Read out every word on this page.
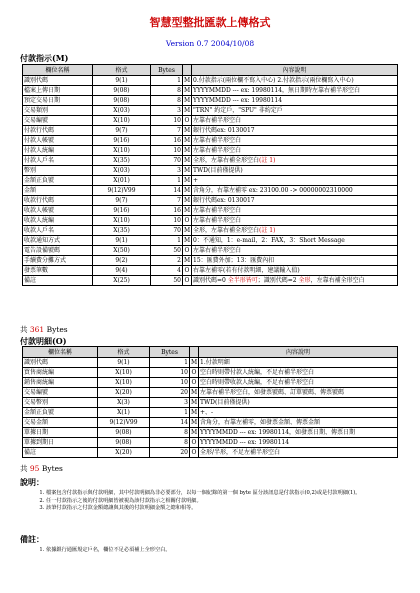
智慧型整批匯款上傳格式
Version 0.7 2004/10/08
付款指示(M)
欄位名稱	格式	Bytes		內容說明
識別代碼	9(1)	1	M	0.付款指示(兩位欄不寫入中心) 2.付款指示(兩位欄寫入中心)
檔案上傳日期	9(08)	8	M	YYYYMMDD --- ex: 19980114，無日期時左靠右補半形空白
預定交易日期	9(08)	8	M	YYYYMMDD --- ex: 19980114
交易類別	X(03)	3	M	"TRN" 約定戶，"SPU" 非約定戶
交易編號	X(10)	10	O	左靠右補半形空白
付款行代碼	9(7)	7	M	銀行代碼ex: 0130017
付款人帳號	9(16)	16	M	左靠右補半形空白
付款人統編	X(10)	10	M	左靠右補半形空白
付款人戶名	X(35)	70	M	全形，左靠右補全形空白(註 1)
幣別	X(03)	3	M	TWD(目前僅提供)
金額正負號	X(01)	1	M	+
金額	9(12)V99	14	M	含角分，右靠左補零 ex: 23100.00 -> 00000002310000
收款行代碼	9(7)	7	M	銀行代碼ex: 0130017
收款人帳號	9(16)	16	M	左靠右補半形空白
收款人統編	X(10)	10	O	左靠右補半形空白
收款人戶名	X(35)	70	M	全形，左靠右補全形空白(註 1)
收款通知方式	9(1)	1	M	0：不通知，1：e-mail，2：FAX，3：Short Message
電告設備號碼	X(50)	50	O	左靠右補半形空白
手續費分攤方式	9(2)	2	M	15：匯費外加；13：匯費內扣
發票筆數	9(4)	4	O	右靠左補零(若有付款明細，建議輸入值)
備註	X(25)	50	O	識別代碼=0 全半形皆可；識別代碼=2 全形，左靠右補全形空白
共 361 Bytes
付款明細(O)
欄位名稱	格式	Bytes		內容說明
識別代碼	9(1)	1	M	1.付款明細
買售商統編	X(10)	10	O	空白時則帶付款人統編，不足右補半形空白
銷售商統編	X(10)	10	O	空白時則帶收款人統編，不足右補半形空白
交易編號	X(20)	20	M	左靠右補半形空白，如發票號碼、訂單號碼、傳票號碼
交易幣別	X(3)	3	M	TWD(目前僅提供)
金額正負號	X(1)	1	M	+、-
交易金額	9(12)V99	14	M	含角分，右靠左補零，如發票金額、傳票金額
單據日期	9(08)	8	M	YYYYMMDD --- ex: 19980114，如發票日期、傳票日期
單據到期日	9(08)	8	O	YYYYMMDD --- ex: 19980114
備註	X(20)	20	O	全形/半形，不足左補半形空白
共 95 Bytes
說明：
1. 檔案包含付款指示與付款明細，其中付款明細為非必要部分，以每一個紀錄的第一個 byte 區分該訊息是付款指示(0,2)或是付款明細(1)。
2. 任一付款指示之後的付款明細皆被視為該付款指示之相關付款明細。
3. 該筆付款指示之付款金額總讓與其後的付款明細金額之總和相等。
備註：
1. 依據銀行通匯規定戶名，欄位不足必須補上全形空白。
